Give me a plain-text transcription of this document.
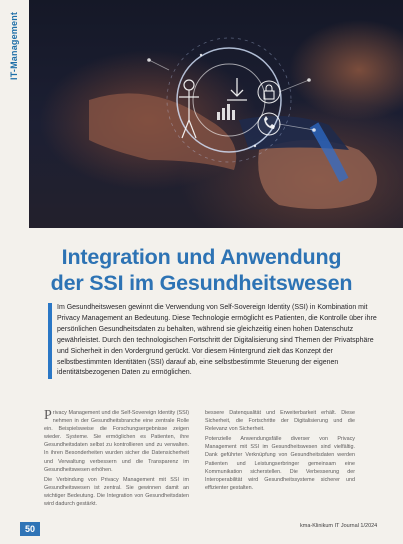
IT-Management
Integration und Anwendung
der SSI im Gesundheitswesen

Im Gesundheitswesen gewinnt die Verwendung von Self-Sovereign Identity (SSI) in Kombination mit Privacy Management an Bedeutung. Diese Technologie ermöglicht es Patienten, die Kontrolle über ihre persönlichen Gesundheitsdaten zu behalten, während sie gleichzeitig einen hohen Datenschutz gewährleistet. Durch den technologischen Fortschritt der Digitalisierung sind Themen der Privatsphäre und Sicherheit in den Vordergrund gerückt. Vor diesem Hintergrund zielt das Konzept der selbstbestimmten Identitäten (SSI) darauf ab, eine selbstbestimmte Steuerung der eigenen identitätsbezogenen Daten zu ermöglichen.

Privacy Management und die Self-Sovereign Identity (SSI) nehmen in der Gesundheitsbranche eine zentrale Rolle ein. Beispielsweise die Forschungsergebnisse zeigen wieder. Systeme. Sie ermöglichen es Patienten, ihre Gesundheitsdaten selbst zu kontrollieren und zu verwalten. In ihren Besonderheiten wurden sicher die Datensicherheit und Verwaltung verbessern und die Transparenz im Gesundheitswesen erhöhen.

Die Verbindung von Privacy Management mit SSI im Gesundheitswesen ist zentral. Sie gewinnen damit an wichtiger Bedeutung. Die Integration von Gesundheitsdaten wird dadurch gestärkt.

bessere Datenqualität und Erweiterbarkeit erhält. Diese Sicherheit, die Fortschritte der Digitalisierung und die Relevanz von Sicherheit.

Potenzielle Anwendungsfälle diverser von Privacy Management mit SSI im Gesundheitswesen sind vielfältig. Dank geführter Verknüpfung von Gesundheitsdaten werden Patienten und Leistungserbringer gemeinsam eine Kommunikation sicherstellen. Die Verbesserung der Interoperabilität wird Gesundheitssysteme sicherer und effizienter gestalten.

50	kma-Klinikum IT Journal 1/2024
